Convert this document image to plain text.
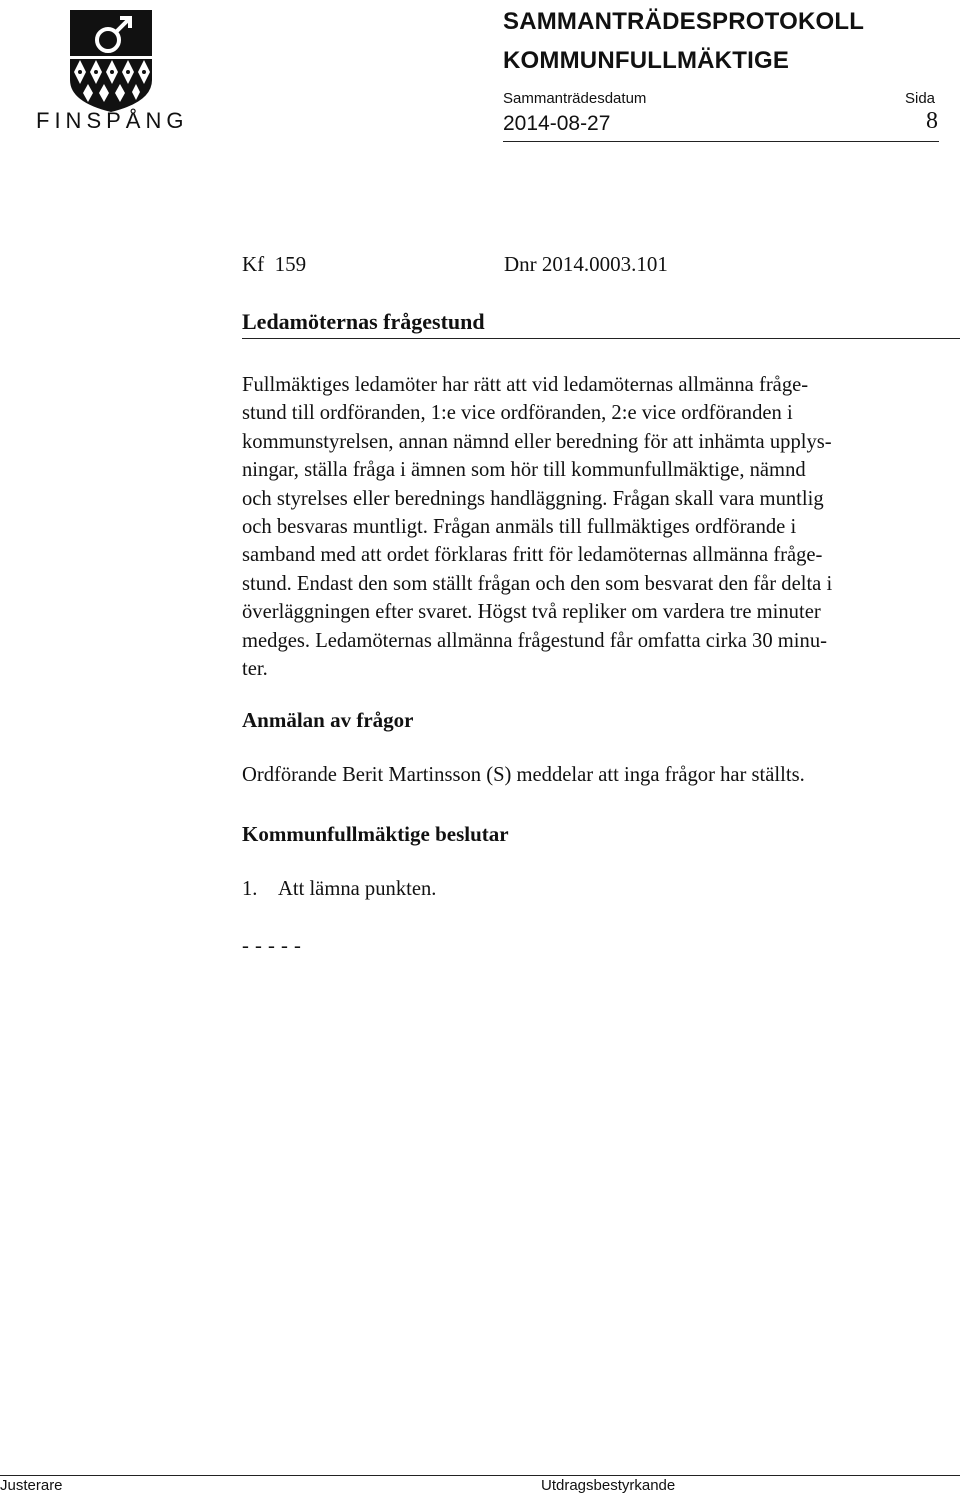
FINSPÅNG
SAMMANTRÄDESPROTOKOLL
KOMMUNFULLMÄKTIGE
Sammanträdesdatum	Sida
2014-08-27	8
Kf  159	Dnr 2014.0003.101
Ledamöternas frågestund
Fullmäktiges ledamöter har rätt att vid ledamöternas allmänna fråge-
stund till ordföranden, 1:e vice ordföranden, 2:e vice ordföranden i
kommunstyrelsen, annan nämnd eller beredning för att inhämta upplys-
ningar, ställa fråga i ämnen som hör till kommunfullmäktige, nämnd
och styrelses eller berednings handläggning. Frågan skall vara muntlig
och besvaras muntligt. Frågan anmäls till fullmäktiges ordförande i
samband med att ordet förklaras fritt för ledamöternas allmänna fråge-
stund. Endast den som ställt frågan och den som besvarat den får delta i
överläggningen efter svaret. Högst två repliker om vardera tre minuter
medges. Ledamöternas allmänna frågestund får omfatta cirka 30 minu-
ter.
Anmälan av frågor
Ordförande Berit Martinsson (S) meddelar att inga frågor har ställts.
Kommunfullmäktige beslutar
1. Att lämna punkten.
- - - - -
Justerare	Utdragsbestyrkande
